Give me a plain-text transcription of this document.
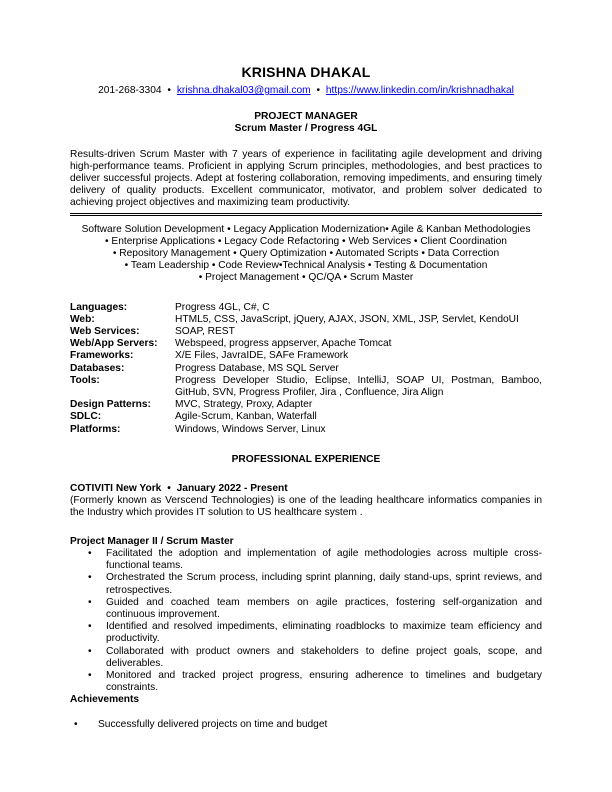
KRISHNA DHAKAL
201-268-3304 • krishna.dhakal03@gmail.com • https://www.linkedin.com/in/krishnadhakal
PROJECT MANAGER
Scrum Master / Progress 4GL

Results-driven Scrum Master with 7 years of experience in facilitating agile development and driving high-performance teams. Proficient in applying Scrum principles, methodologies, and best practices to deliver successful projects. Adept at fostering collaboration, removing impediments, and ensuring timely delivery of quality products. Excellent communicator, motivator, and problem solver dedicated to achieving project objectives and maximizing team productivity.

Software Solution Development • Legacy Application Modernization• Agile & Kanban Methodologies
• Enterprise Applications • Legacy Code Refactoring • Web Services • Client Coordination
• Repository Management • Query Optimization • Automated Scripts • Data Correction
• Team Leadership • Code Review•Technical Analysis • Testing & Documentation
• Project Management • QC/QA • Scrum Master
Languages:	Progress 4GL, C#, C
Web:	HTML5, CSS, JavaScript, jQuery, AJAX, JSON, XML, JSP, Servlet, KendoUI
Web Services:	SOAP, REST
Web/App Servers:	Webspeed, progress appserver, Apache Tomcat
Frameworks:	X/E Files, JavraIDE, SAFe Framework
Databases:	Progress Database, MS SQL Server
Tools:	Progress Developer Studio, Eclipse, IntelliJ, SOAP UI, Postman, Bamboo, GitHub, SVN, Progress Profiler, Jira , Confluence, Jira Align
Design Patterns:	MVC, Strategy, Proxy, Adapter
SDLC:	Agile-Scrum, Kanban, Waterfall
Platforms:	Windows, Windows Server, Linux
PROFESSIONAL EXPERIENCE
COTIVITI New York • January 2022 - Present

(Formerly known as Verscend Technologies) is one of the leading healthcare informatics companies in the Industry which provides IT solution to US healthcare system .

Project Manager II / Scrum Master
•	Facilitated the adoption and implementation of agile methodologies across multiple cross-functional teams.
•	Orchestrated the Scrum process, including sprint planning, daily stand-ups, sprint reviews, and retrospectives.
•	Guided and coached team members on agile practices, fostering self-organization and continuous improvement.
•	Identified and resolved impediments, eliminating roadblocks to maximize team efficiency and productivity.
•	Collaborated with product owners and stakeholders to define project goals, scope, and deliverables.
•	Monitored and tracked project progress, ensuring adherence to timelines and budgetary constraints.
Achievements
•	Successfully delivered projects on time and budget
